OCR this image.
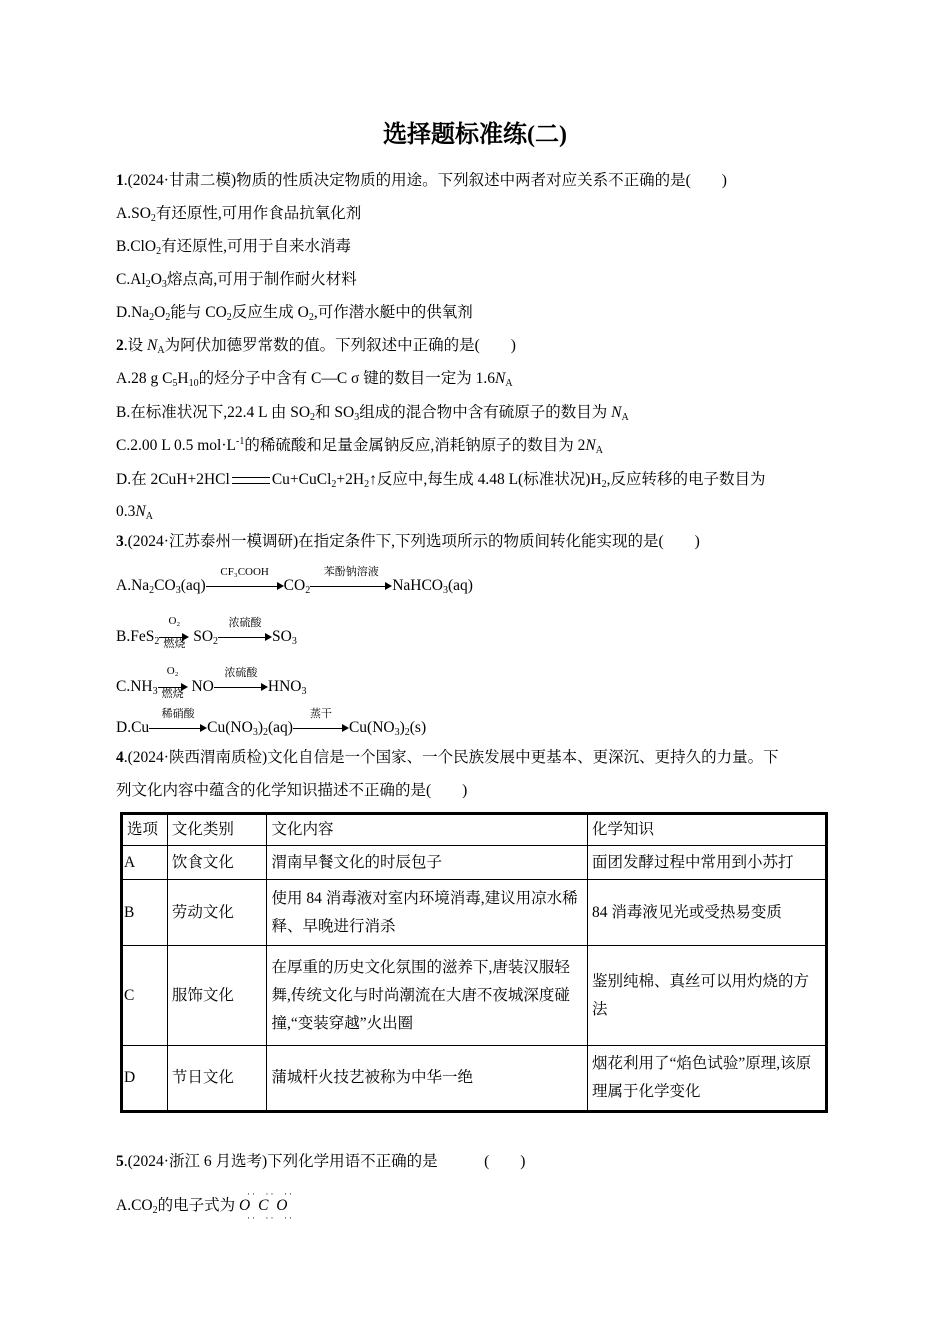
选择题标准练(二)
1.(2024·甘肃二模)物质的性质决定物质的用途。下列叙述中两者对应关系不正确的是(　　)
$A.SO_2$有还原性,可用作食品抗氧化剂
B.ClO$_2$有还原性,可用于自来水消毒
$C.Al_2O_3$熔点高,可用于制作耐火材料
$D.Na_2O_2$能与 $CO_2$反应生成 $O_2$,可作潜水艇中的供氧剂
2.设 $N_A$为阿伏加德罗常数的值。下列叙述中正确的是(　　)
A.28 g $C_5H_{10}$的烃分子中含有 C—C σ 键的数目一定为 $1.6N_A$
B.在标准状况下,22.4 L 由 $SO_2$和 $SO_3$组成的混合物中含有硫原子的数目为 $N_A$
C.2.00 L 0.5 $mol\cdot L^{-1}$的稀硫酸和足量金属钠反应,消耗钠原子的数目为 $2N_A$
D.在 2CuH+2HCl	$Cu+CuCl_2+2H_2↑$反应中,每生成 4.48 L(标准状况)$H_2$,反应转移的电子数目为
$0.3N_A$
3.(2024·江苏泰州一模调研)在指定条件下,下列选项所示的物质间转化能实现的是(　　)
$A.Na_2CO_3(aq)$
CF₃COOH
$CO_2$
苯酚钠溶液
NaHCO$_3$(aq)
B.FeS$_2$
O₂
燃烧 $SO_2$
浓硫酸
$SO_3$
$C.NH_3$
O₂
燃烧 NO
浓硫酸
$HNO_3$
D.Cu
稀硝酸
$Cu(NO_3)_2(aq)$
蒸干
$Cu(NO_3)_2(s)$
4.(2024·陕西渭南质检)文化自信是一个国家、一个民族发展中更基本、更深沉、更持久的力量。下
列文化内容中蕴含的化学知识描述不正确的是(　　)
选项	文化类别	文化内容	化学知识
A	饮食文化	渭南早餐文化的时辰包子	面团发酵过程中常用到小苏打
B	劳动文化	使用 84 消毒液对室内环境消毒,建议用凉水稀释、早晚进行消杀	84 消毒液见光或受热易变质
C	服饰文化	在厚重的历史文化氛围的滋养下,唐装汉服轻舞,传统文化与时尚潮流在大唐不夜城深度碰撞,“变装穿越”火出圈	鉴别纯棉、真丝可以用灼烧的方法
D	节日文化	蒲城杆火技艺被称为中华一绝	烟花利用了“焰色试验”原理,该原理属于化学变化
5.(2024·浙江 6 月选考)下列化学用语不正确的是　　　(　　)
$A.CO_2$的电子式为
··  ··  ··
O C O
··  ··  ··
